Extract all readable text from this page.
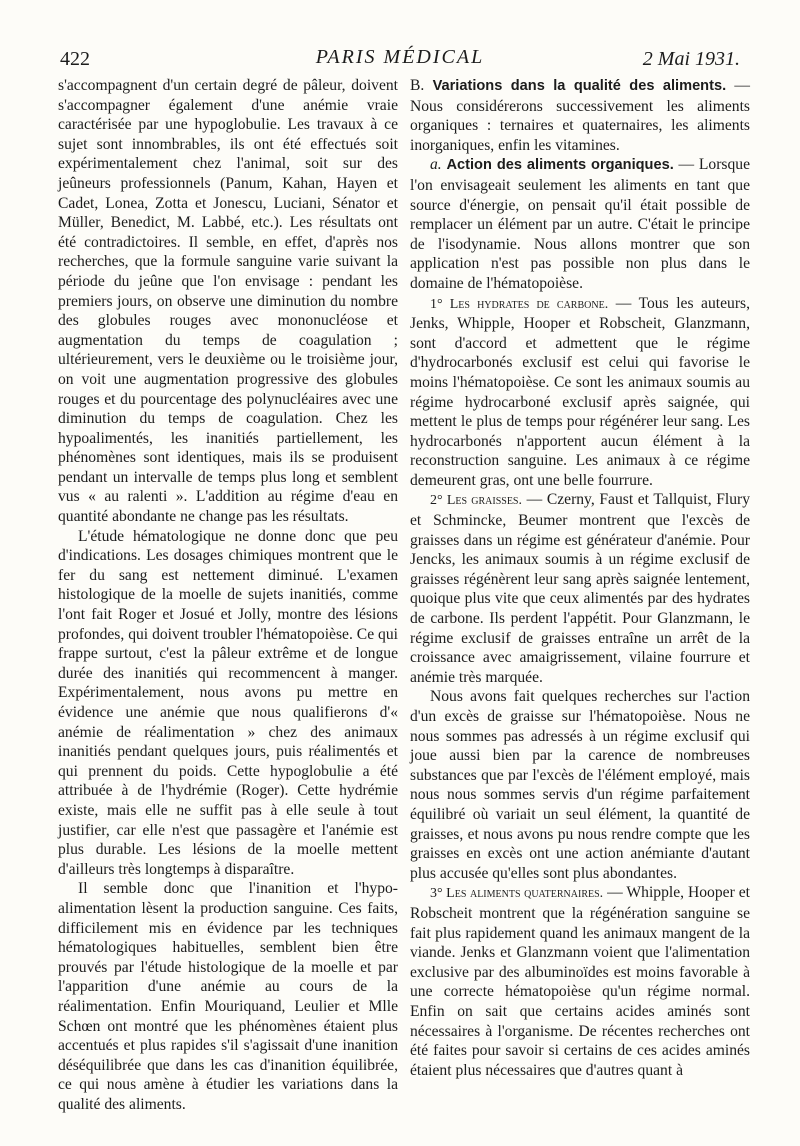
422	PARIS MÉDICAL	2 Mai 1931.

s'accompagnent d'un certain degré de pâleur, doivent s'accompagner également d'une anémie vraie caractérisée par une hypoglobulie. Les travaux à ce sujet sont innombrables, ils ont été effectués soit expérimentalement chez l'animal, soit sur des jeûneurs professionnels (Panum, Kahan, Hayen et Cadet, Lonea, Zotta et Jonescu, Luciani, Sénator et Müller, Benedict, M. Labbé, etc.). Les résultats ont été contradictoires. Il semble, en effet, d'après nos recherches, que la formule sanguine varie suivant la période du jeûne que l'on envisage : pendant les premiers jours, on observe une diminution du nombre des globules rouges avec mononucléose et augmentation du temps de coagulation ; ultérieurement, vers le deuxième ou le troisième jour, on voit une augmentation progressive des globules rouges et du pourcentage des polynucléaires avec une diminution du temps de coagulation. Chez les hypoalimentés, les inanitiés partiellement, les phénomènes sont identiques, mais ils se produisent pendant un intervalle de temps plus long et semblent vus « au ralenti ». L'addition au régime d'eau en quantité abondante ne change pas les résultats.

L'étude hématologique ne donne donc que peu d'indications. Les dosages chimiques montrent que le fer du sang est nettement diminué. L'examen histologique de la moelle de sujets inanitiés, comme l'ont fait Roger et Josué et Jolly, montre des lésions profondes, qui doivent troubler l'hématopoièse. Ce qui frappe surtout, c'est la pâleur extrême et de longue durée des inanitiés qui recommencent à manger. Expérimentalement, nous avons pu mettre en évidence une anémie que nous qualifierons d'« anémie de réalimentation » chez des animaux inanitiés pendant quelques jours, puis réalimentés et qui prennent du poids. Cette hypoglobulie a été attribuée à de l'hydrémie (Roger). Cette hydrémie existe, mais elle ne suffit pas à elle seule à tout justifier, car elle n'est que passagère et l'anémie est plus durable. Les lésions de la moelle mettent d'ailleurs très longtemps à disparaître.

Il semble donc que l'inanition et l'hypo-alimentation lèsent la production sanguine. Ces faits, difficilement mis en évidence par les techniques hématologiques habituelles, semblent bien être prouvés par l'étude histologique de la moelle et par l'apparition d'une anémie au cours de la réalimentation. Enfin Mouriquand, Leulier et Mlle Schœn ont montré que les phénomènes étaient plus accentués et plus rapides s'il s'agissait d'une inanition déséquilibrée que dans les cas d'inanition équilibrée, ce qui nous amène à étudier les variations dans la qualité des aliments.

B. Variations dans la qualité des aliments. — Nous considérerons successivement les aliments organiques : ternaires et quaternaires, les aliments inorganiques, enfin les vitamines.

a. Action des aliments organiques. — Lorsque l'on envisageait seulement les aliments en tant que source d'énergie, on pensait qu'il était possible de remplacer un élément par un autre. C'était le principe de l'isodynamie. Nous allons montrer que son application n'est pas possible non plus dans le domaine de l'hématopoièse.

1° Les hydrates de carbone. — Tous les auteurs, Jenks, Whipple, Hooper et Robscheit, Glanzmann, sont d'accord et admettent que le régime d'hydrocarbonés exclusif est celui qui favorise le moins l'hématopoièse. Ce sont les animaux soumis au régime hydrocarboné exclusif après saignée, qui mettent le plus de temps pour régénérer leur sang. Les hydrocarbonés n'apportent aucun élément à la reconstruction sanguine. Les animaux à ce régime demeurent gras, ont une belle fourrure.

2° Les graisses. — Czerny, Faust et Tallquist, Flury et Schmincke, Beumer montrent que l'excès de graisses dans un régime est générateur d'anémie. Pour Jencks, les animaux soumis à un régime exclusif de graisses régénèrent leur sang après saignée lentement, quoique plus vite que ceux alimentés par des hydrates de carbone. Ils perdent l'appétit. Pour Glanzmann, le régime exclusif de graisses entraîne un arrêt de la croissance avec amaigrissement, vilaine fourrure et anémie très marquée.

Nous avons fait quelques recherches sur l'action d'un excès de graisse sur l'hématopoièse. Nous ne nous sommes pas adressés à un régime exclusif qui joue aussi bien par la carence de nombreuses substances que par l'excès de l'élément employé, mais nous nous sommes servis d'un régime parfaitement équilibré où variait un seul élément, la quantité de graisses, et nous avons pu nous rendre compte que les graisses en excès ont une action anémiante d'autant plus accusée qu'elles sont plus abondantes.

3° Les aliments quaternaires. — Whipple, Hooper et Robscheit montrent que la régénération sanguine se fait plus rapidement quand les animaux mangent de la viande. Jenks et Glanzmann voient que l'alimentation exclusive par des albuminoïdes est moins favorable à une correcte hématopoièse qu'un régime normal. Enfin on sait que certains acides aminés sont nécessaires à l'organisme. De récentes recherches ont été faites pour savoir si certains de ces acides aminés étaient plus nécessaires que d'autres quant à
